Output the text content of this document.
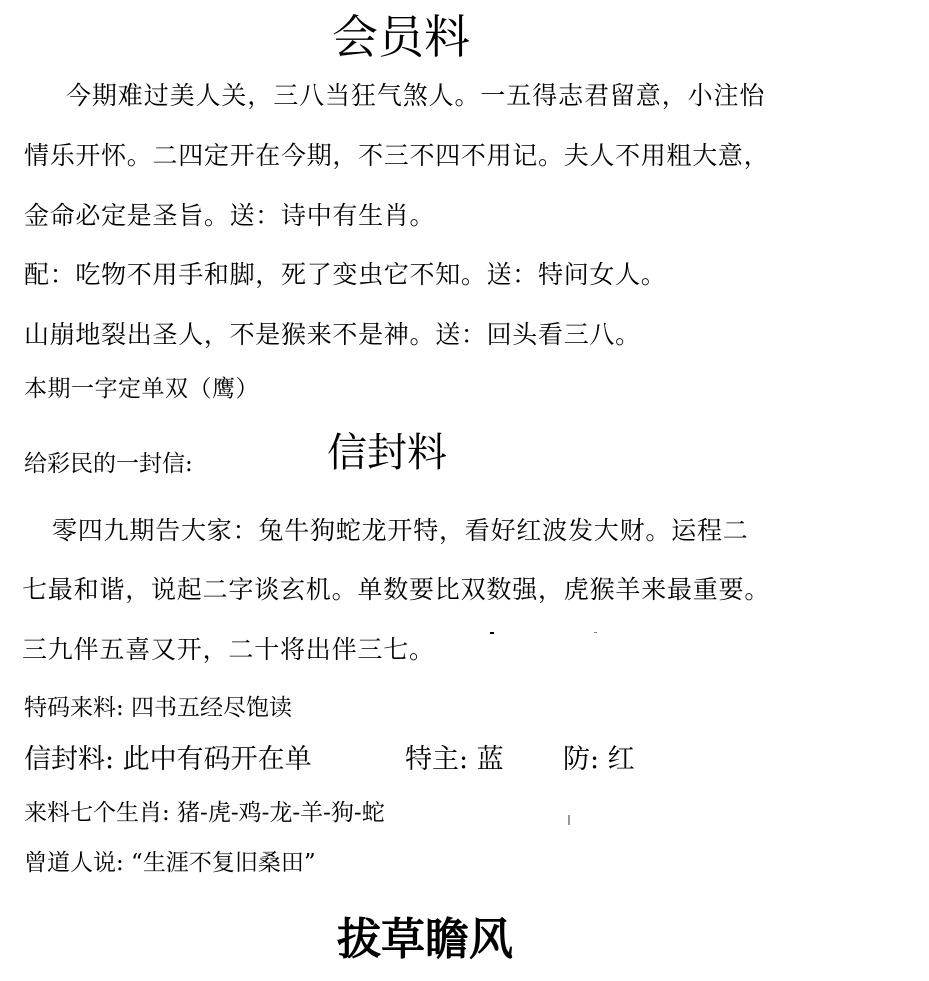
会员料
今期难过美人关，三八当狂气煞人。一五得志君留意，小注怡
情乐开怀。二四定开在今期，不三不四不用记。夫人不用粗大意，
金命必定是圣旨。送：诗中有生肖。
配：吃物不用手和脚，死了变虫它不知。送：特问女人。
山崩地裂出圣人，不是猴来不是神。送：回头看三八。
本期一字定单双（鹰）
给彩民的一封信:	信封料
零四九期告大家：兔牛狗蛇龙开特，看好红波发大财。运程二
七最和谐，说起二字谈玄机。单数要比双数强，虎猴羊来最重要。
三九伴五喜又开，二十将出伴三七。
特码来料: 四书五经尽饱读
信封料: 此中有码开在单	特主: 蓝 防: 红
来料七个生肖: 猪-虎-鸡-龙-羊-狗-蛇
曾道人说: “生涯不复旧桑田”
拔草瞻风
